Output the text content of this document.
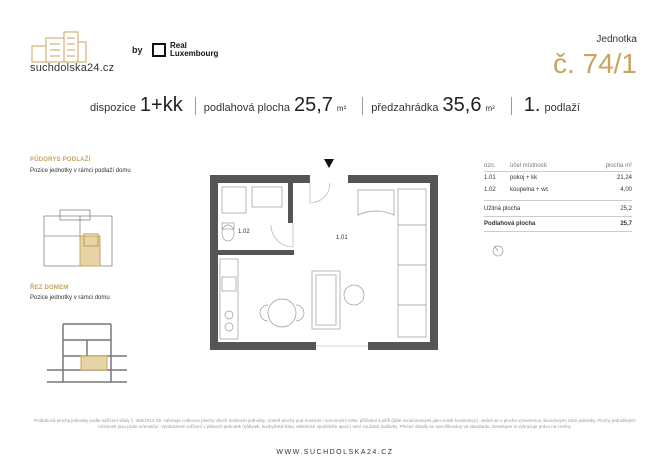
suchdolska24.cz
by	Real
Luxembourg
Jednotka
č. 74/1
dispozice 1+kk podlahová plocha 25,7 m² předzahrádka 35,6 m² 1. podlaží
PŮDORYS PODLAŽÍ
Pozice jednotky v rámci podlaží domu
ŘEZ DOMEM
Pozice jednotky v rámci domu
1.02
1.01
ozn.	účel místnosti	plocha m²
1.01	pokoj + kk	21,24
1.02	koupelna + wc	4,00
Užitná plocha	25,2
Podlahová plocha	25,7
Podlahová plocha jednotky podle nařízení vlády č. 366/2013 Sb. zahrnuje celkovou plochu všech místností jednotky, včetně plochy pod nosnými i nenosnými zdmi, příčkami a pilíři (dále označovanými jako svislé konstrukce). Jedná se o plochu vymezenou obvodovými zdmi jednotky. Plochy jednotlivých místností jsou proto orientační. Vyobrazené zařízení v plánech jednotek (nábytek, kuchyňská linka, elektrické spotřebiče apod.) není součástí dodávky. Přesné detaily se specifikovány ve standardu. Developer si vyhrazuje právo na změny.
WWW.SUCHDOLSKA24.CZ
